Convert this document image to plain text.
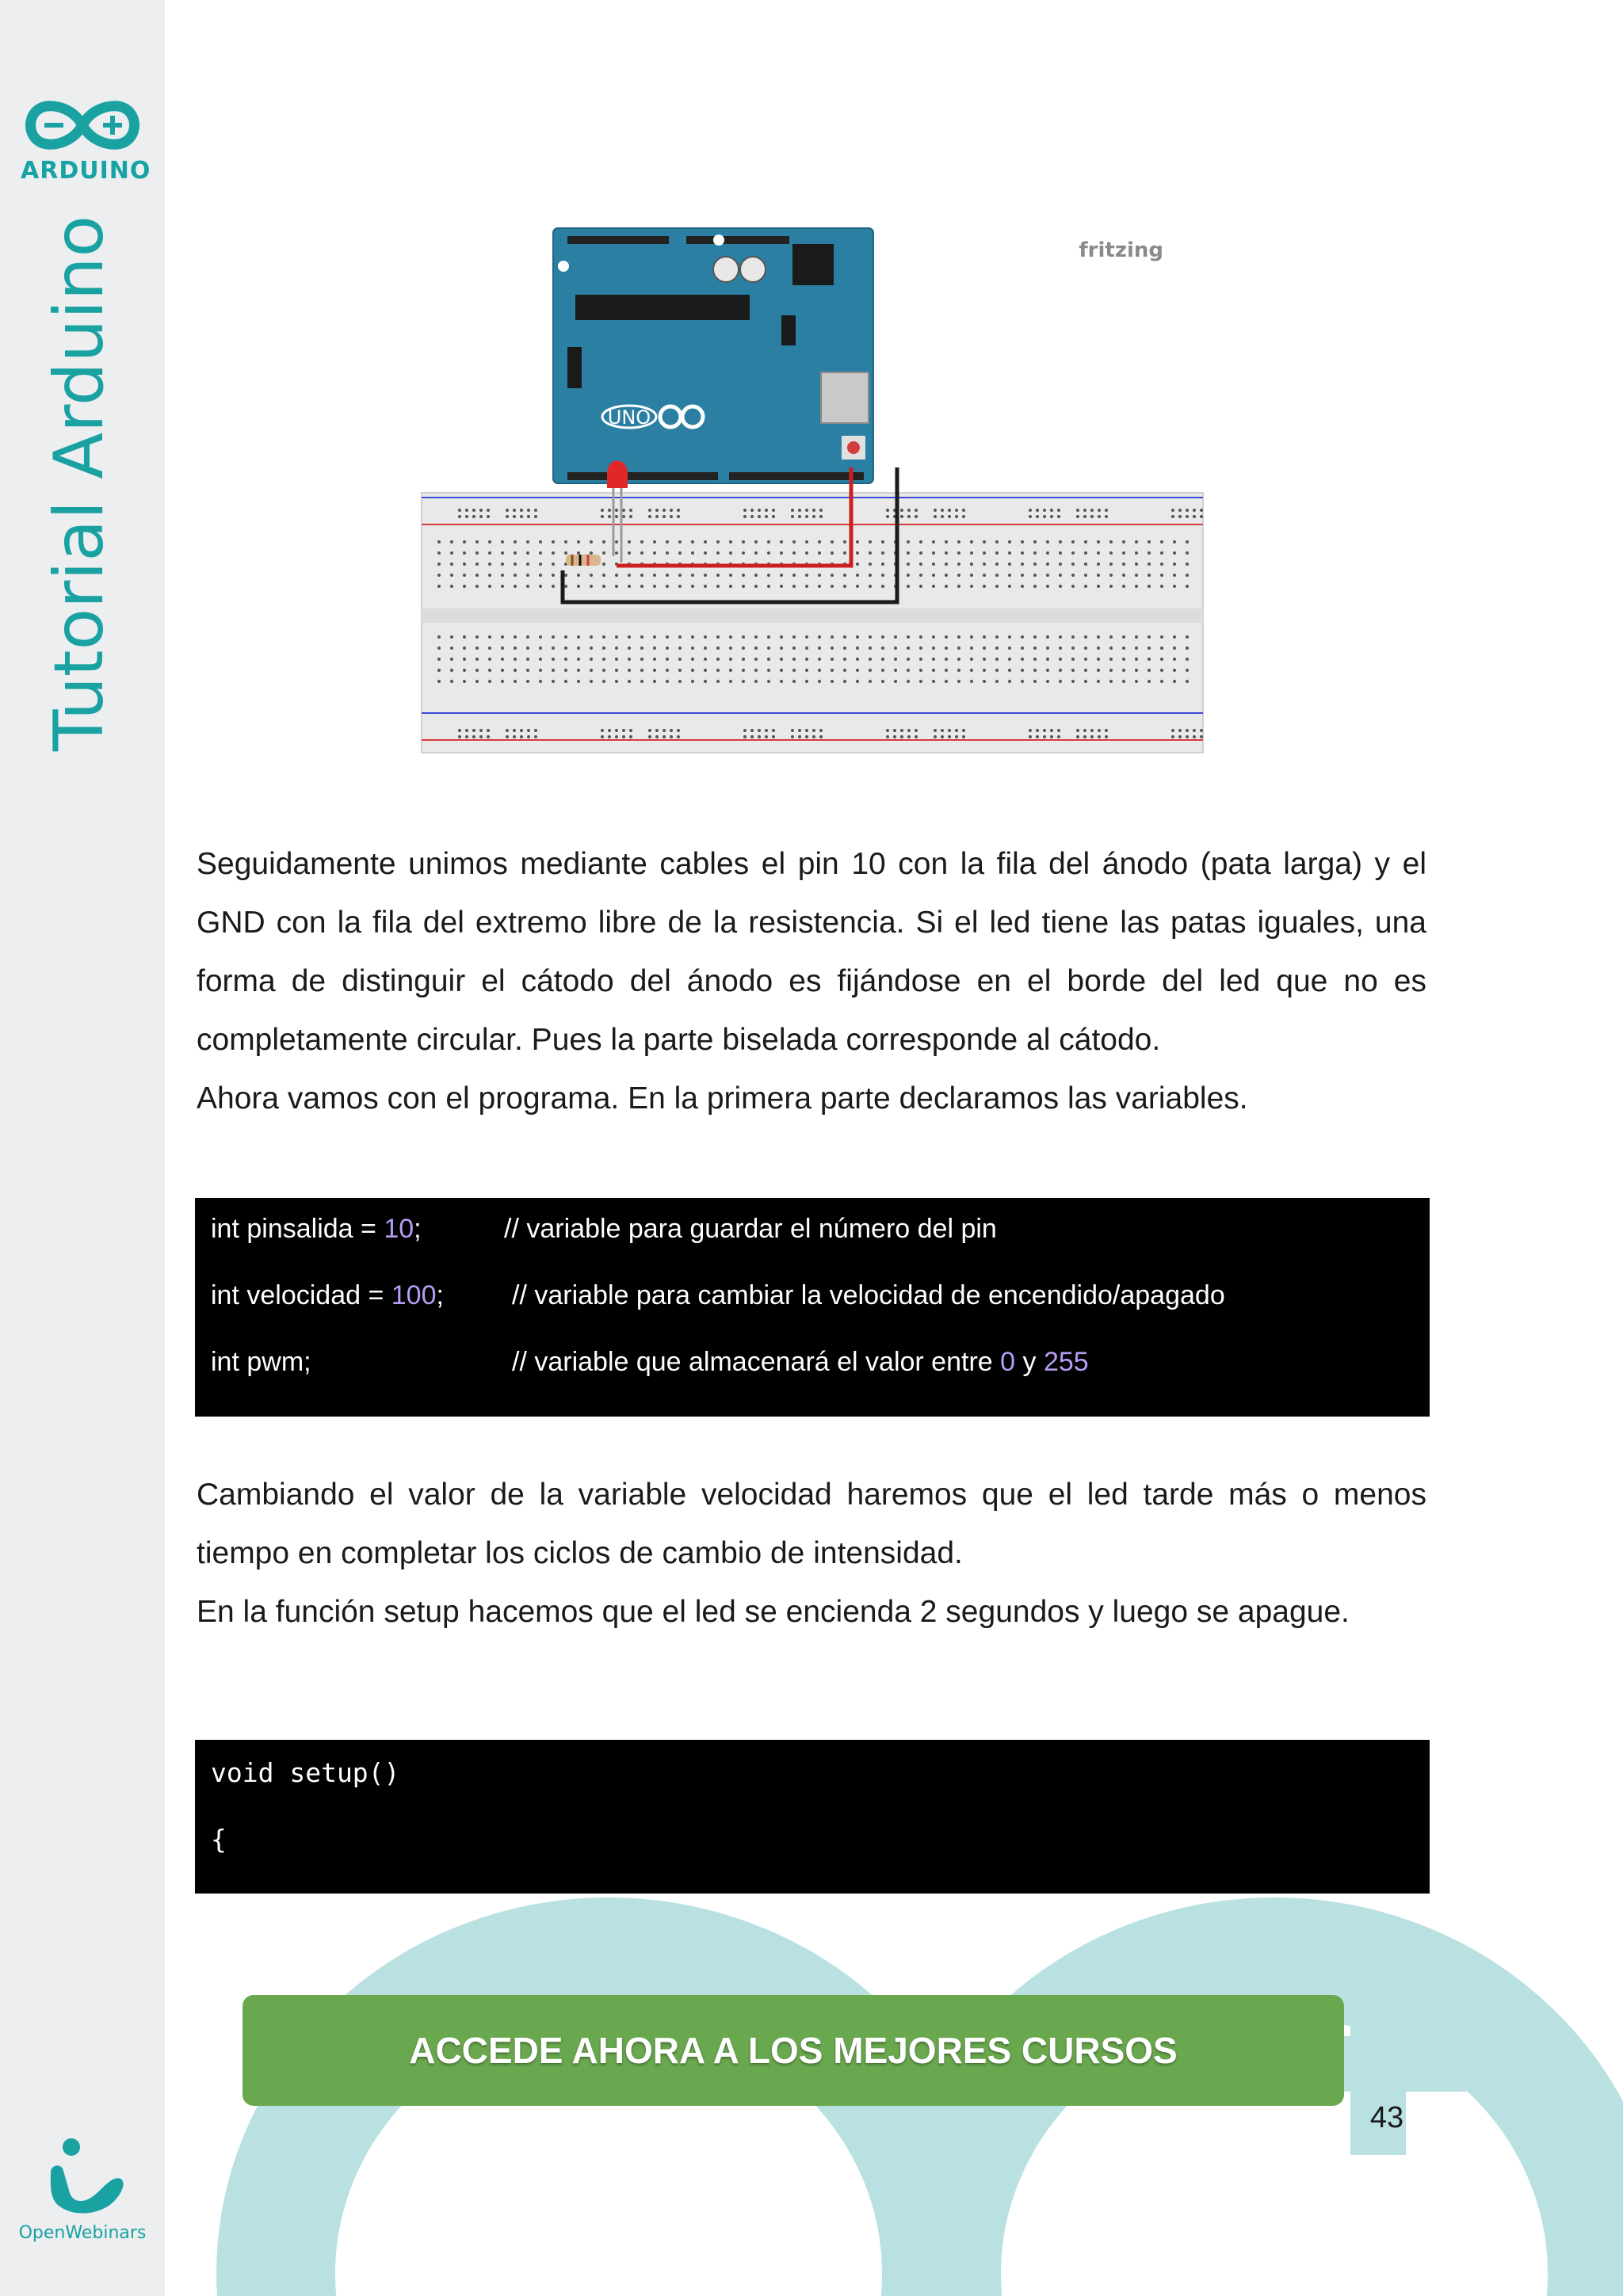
ARDUINO
Tutorial Arduino
OpenWebinars
UNO
fritzing

Seguidamente unimos mediante cables el pin 10 con la fila del ánodo (pata larga) y el GND con la fila del extremo libre de la resistencia. Si el led tiene las patas iguales, una forma de distinguir el cátodo del ánodo es fijándose en el borde del led que no es completamente circular. Pues la parte biselada corresponde al cátodo.

Ahora vamos con el programa. En la primera parte declaramos las variables.

int pinsalida = 10;	// variable para guardar el número del pin
int velocidad = 100;	// variable para cambiar la velocidad de encendido/apagado
int pwm;	// variable que almacenará el valor entre 0 y 255

Cambiando el valor de la variable velocidad haremos que el led tarde más o menos tiempo en completar los ciclos de cambio de intensidad.

En la función setup hacemos que el led se encienda 2 segundos y luego se apague.

void setup()
{
ACCEDE AHORA A LOS MEJORES CURSOS
43
